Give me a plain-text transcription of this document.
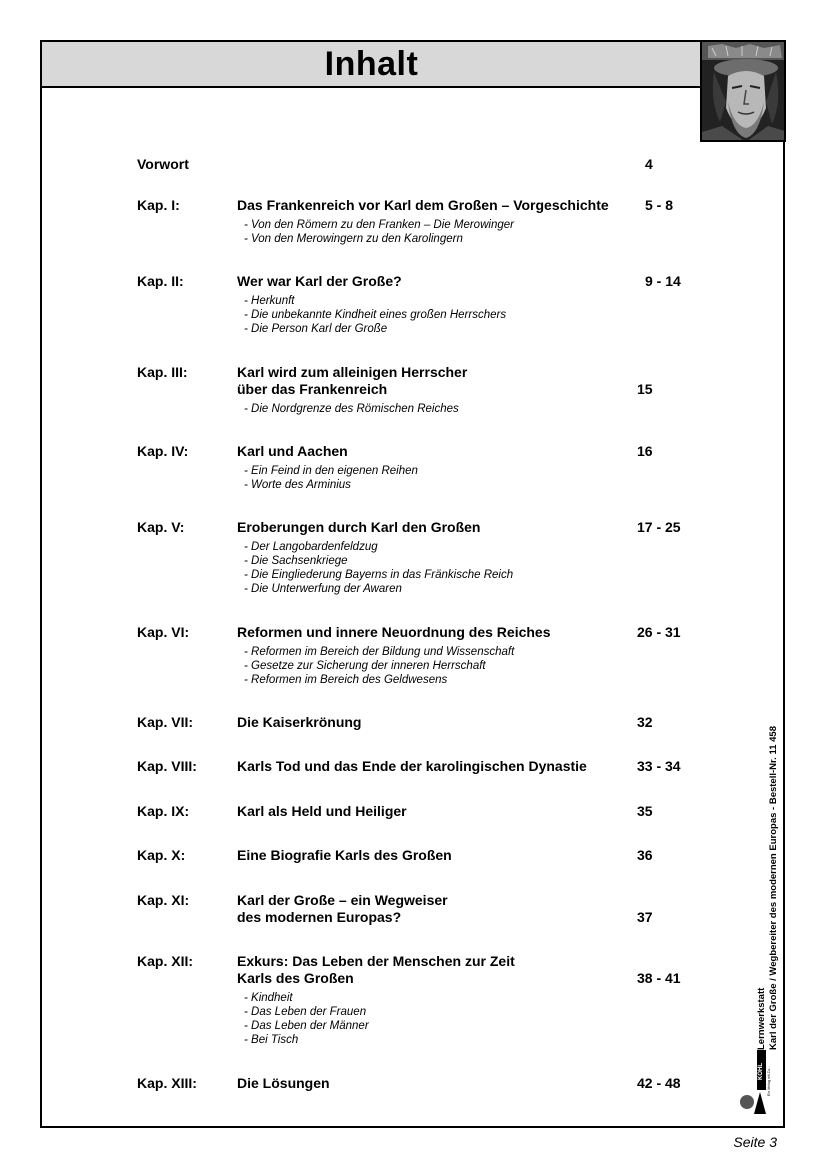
Inhalt
Vorwort	4
Kap. I:	Das Frankenreich vor Karl dem Großen – Vorgeschichte	5 - 8
- Von den Römern zu den Franken – Die Merowinger
- Von den Merowingern zu den Karolingern
Kap. II:	Wer war Karl der Große?	9 - 14
- Herkunft
- Die unbekannte Kindheit eines großen Herrschers
- Die Person Karl der Große
Kap. III:	Karl wird zum alleinigen Herrscher
über das Frankenreich	15
- Die Nordgrenze des Römischen Reiches
Kap. IV:	Karl und Aachen	16
- Ein Feind in den eigenen Reihen
- Worte des Arminius
Kap. V:	Eroberungen durch Karl den Großen	17 - 25
- Der Langobardenfeldzug
- Die Sachsenkriege
- Die Eingliederung Bayerns in das Fränkische Reich
- Die Unterwerfung der Awaren
Kap. VI:	Reformen und innere Neuordnung des Reiches	26 - 31
- Reformen im Bereich der Bildung und Wissenschaft
- Gesetze zur Sicherung der inneren Herrschaft
- Reformen im Bereich des Geldwesens
Kap. VII:	Die Kaiserkrönung	32
Kap. VIII:	Karls Tod und das Ende der karolingischen Dynastie	33 - 34
Kap. IX:	Karl als Held und Heiliger	35
Kap. X:	Eine Biografie Karls des Großen	36
Kap. XI:	Karl der Große – ein Wegweiser
des modernen Europas?	37
Kap. XII:	Exkurs: Das Leben der Menschen zur Zeit
Karls des Großen	38 - 41
- Kindheit
- Das Leben der Frauen
- Das Leben der Männer
- Bei Tisch
Kap. XIII:	Die Lösungen	42 - 48
Lernwerkstatt Karl der Große / Wegbereiter des modernen Europas - Bestell-Nr. 11 458
KOHL Ein Verlag mit Zu...
Seite 3
